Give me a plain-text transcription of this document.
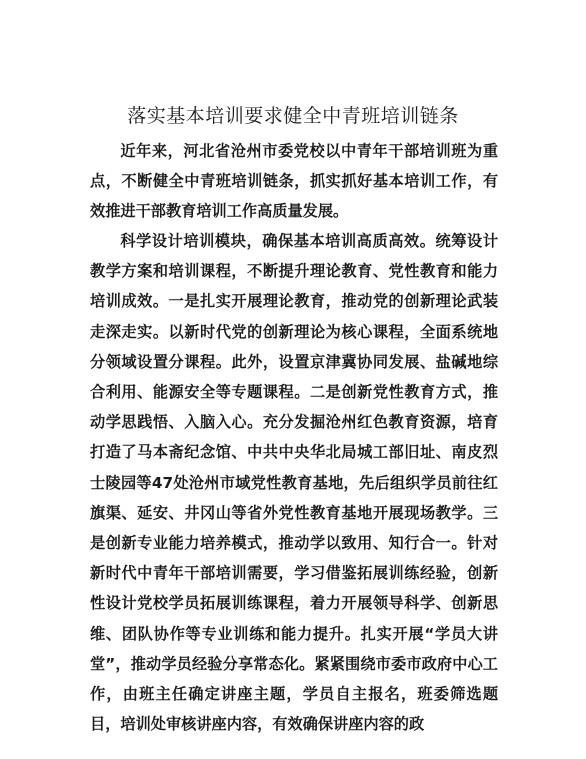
落实基本培训要求健全中青班培训链条

近年来，河北省沧州市委党校以中青年干部培训班为重点，不断健全中青班培训链条，抓实抓好基本培训工作，有效推进干部教育培训工作高质量发展。

科学设计培训模块，确保基本培训高质高效。统筹设计教学方案和培训课程，不断提升理论教育、党性教育和能力培训成效。一是扎实开展理论教育，推动党的创新理论武装走深走实。以新时代党的创新理论为核心课程，全面系统地分领域设置分课程。此外，设置京津冀协同发展、盐碱地综合利用、能源安全等专题课程。二是创新党性教育方式，推动学思践悟、入脑入心。充分发掘沧州红色教育资源，培育打造了马本斋纪念馆、中共中央华北局城工部旧址、南皮烈士陵园等47处沧州市域党性教育基地，先后组织学员前往红旗渠、延安、井冈山等省外党性教育基地开展现场教学。三是创新专业能力培养模式，推动学以致用、知行合一。针对新时代中青年干部培训需要，学习借鉴拓展训练经验，创新性设计党校学员拓展训练课程，着力开展领导科学、创新思维、团队协作等专业训练和能力提升。扎实开展“学员大讲堂”，推动学员经验分享常态化。紧紧围绕市委市政府中心工作，由班主任确定讲座主题，学员自主报名，班委筛选题目，培训处审核讲座内容，有效确保讲座内容的政
